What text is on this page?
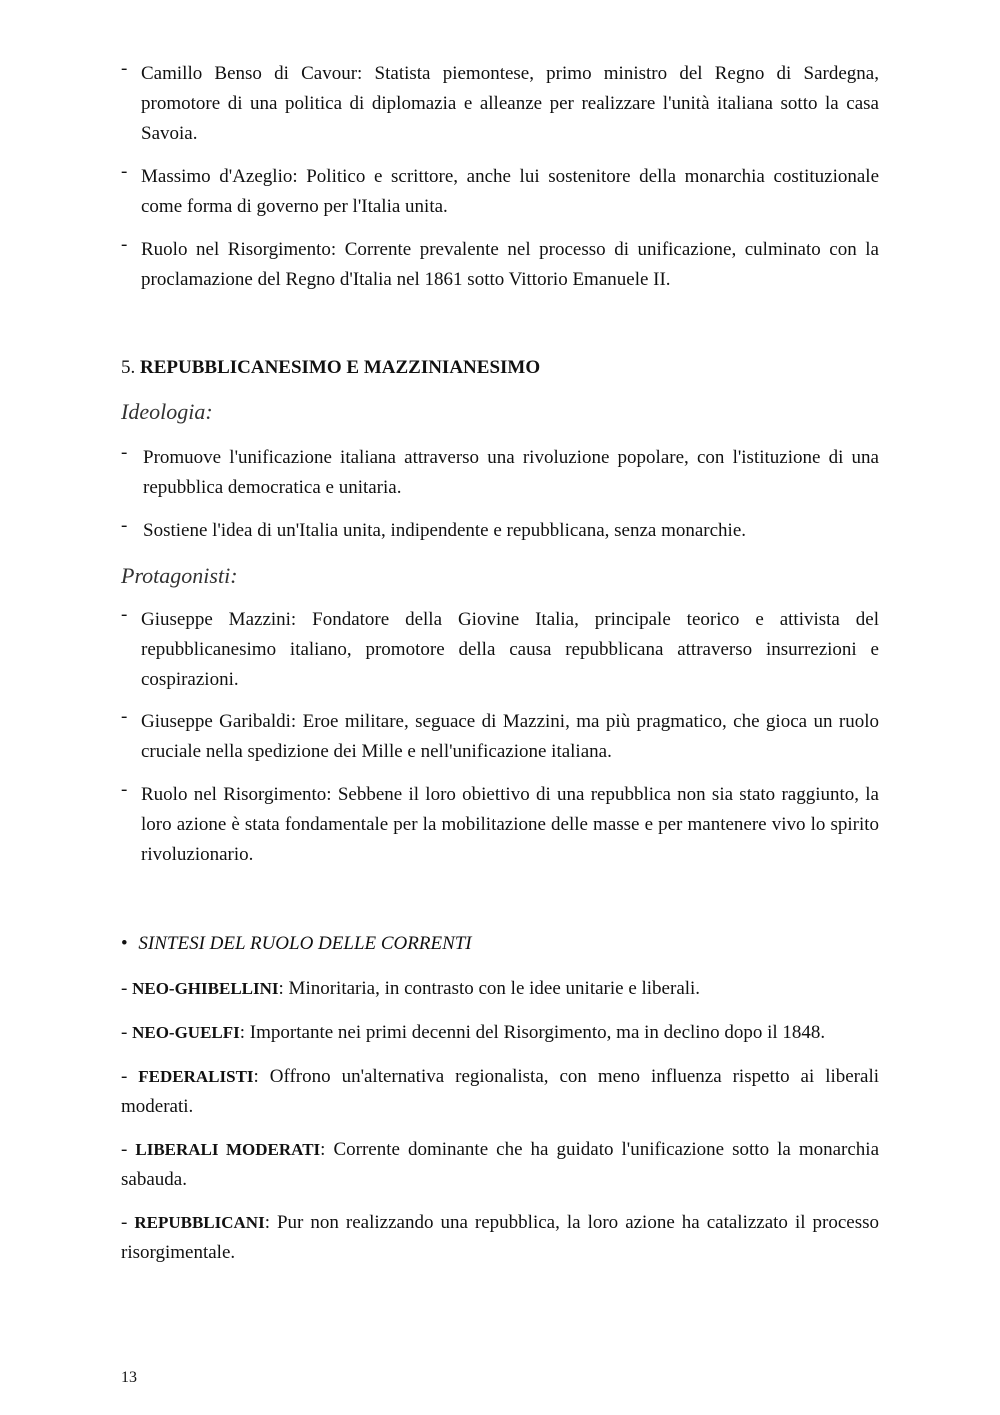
- Camillo Benso di Cavour: Statista piemontese, primo ministro del Regno di Sardegna, promotore di una politica di diplomazia e alleanze per realizzare l'unità italiana sotto la casa Savoia.
- Massimo d'Azeglio: Politico e scrittore, anche lui sostenitore della monarchia costituzionale come forma di governo per l'Italia unita.
- Ruolo nel Risorgimento: Corrente prevalente nel processo di unificazione, culminato con la proclamazione del Regno d'Italia nel 1861 sotto Vittorio Emanuele II.
5. REPUBBLICANESIMO E MAZZINIANESIMO
Ideologia:
- Promuove l'unificazione italiana attraverso una rivoluzione popolare, con l'istituzione di una repubblica democratica e unitaria.
- Sostiene l'idea di un'Italia unita, indipendente e repubblicana, senza monarchie.
Protagonisti:
- Giuseppe Mazzini: Fondatore della Giovine Italia, principale teorico e attivista del repubblicanesimo italiano, promotore della causa repubblicana attraverso insurrezioni e cospirazioni.
- Giuseppe Garibaldi: Eroe militare, seguace di Mazzini, ma più pragmatico, che gioca un ruolo cruciale nella spedizione dei Mille e nell'unificazione italiana.
- Ruolo nel Risorgimento: Sebbene il loro obiettivo di una repubblica non sia stato raggiunto, la loro azione è stata fondamentale per la mobilitazione delle masse e per mantenere vivo lo spirito rivoluzionario.
• SINTESI DEL RUOLO DELLE CORRENTI
- NEO-GHIBELLINI: Minoritaria, in contrasto con le idee unitarie e liberali.
- NEO-GUELFI: Importante nei primi decenni del Risorgimento, ma in declino dopo il 1848.
- FEDERALISTI: Offrono un'alternativa regionalista, con meno influenza rispetto ai liberali moderati.
- LIBERALI MODERATI: Corrente dominante che ha guidato l'unificazione sotto la monarchia sabauda.
- REPUBBLICANI: Pur non realizzando una repubblica, la loro azione ha catalizzato il processo risorgimentale.
13
